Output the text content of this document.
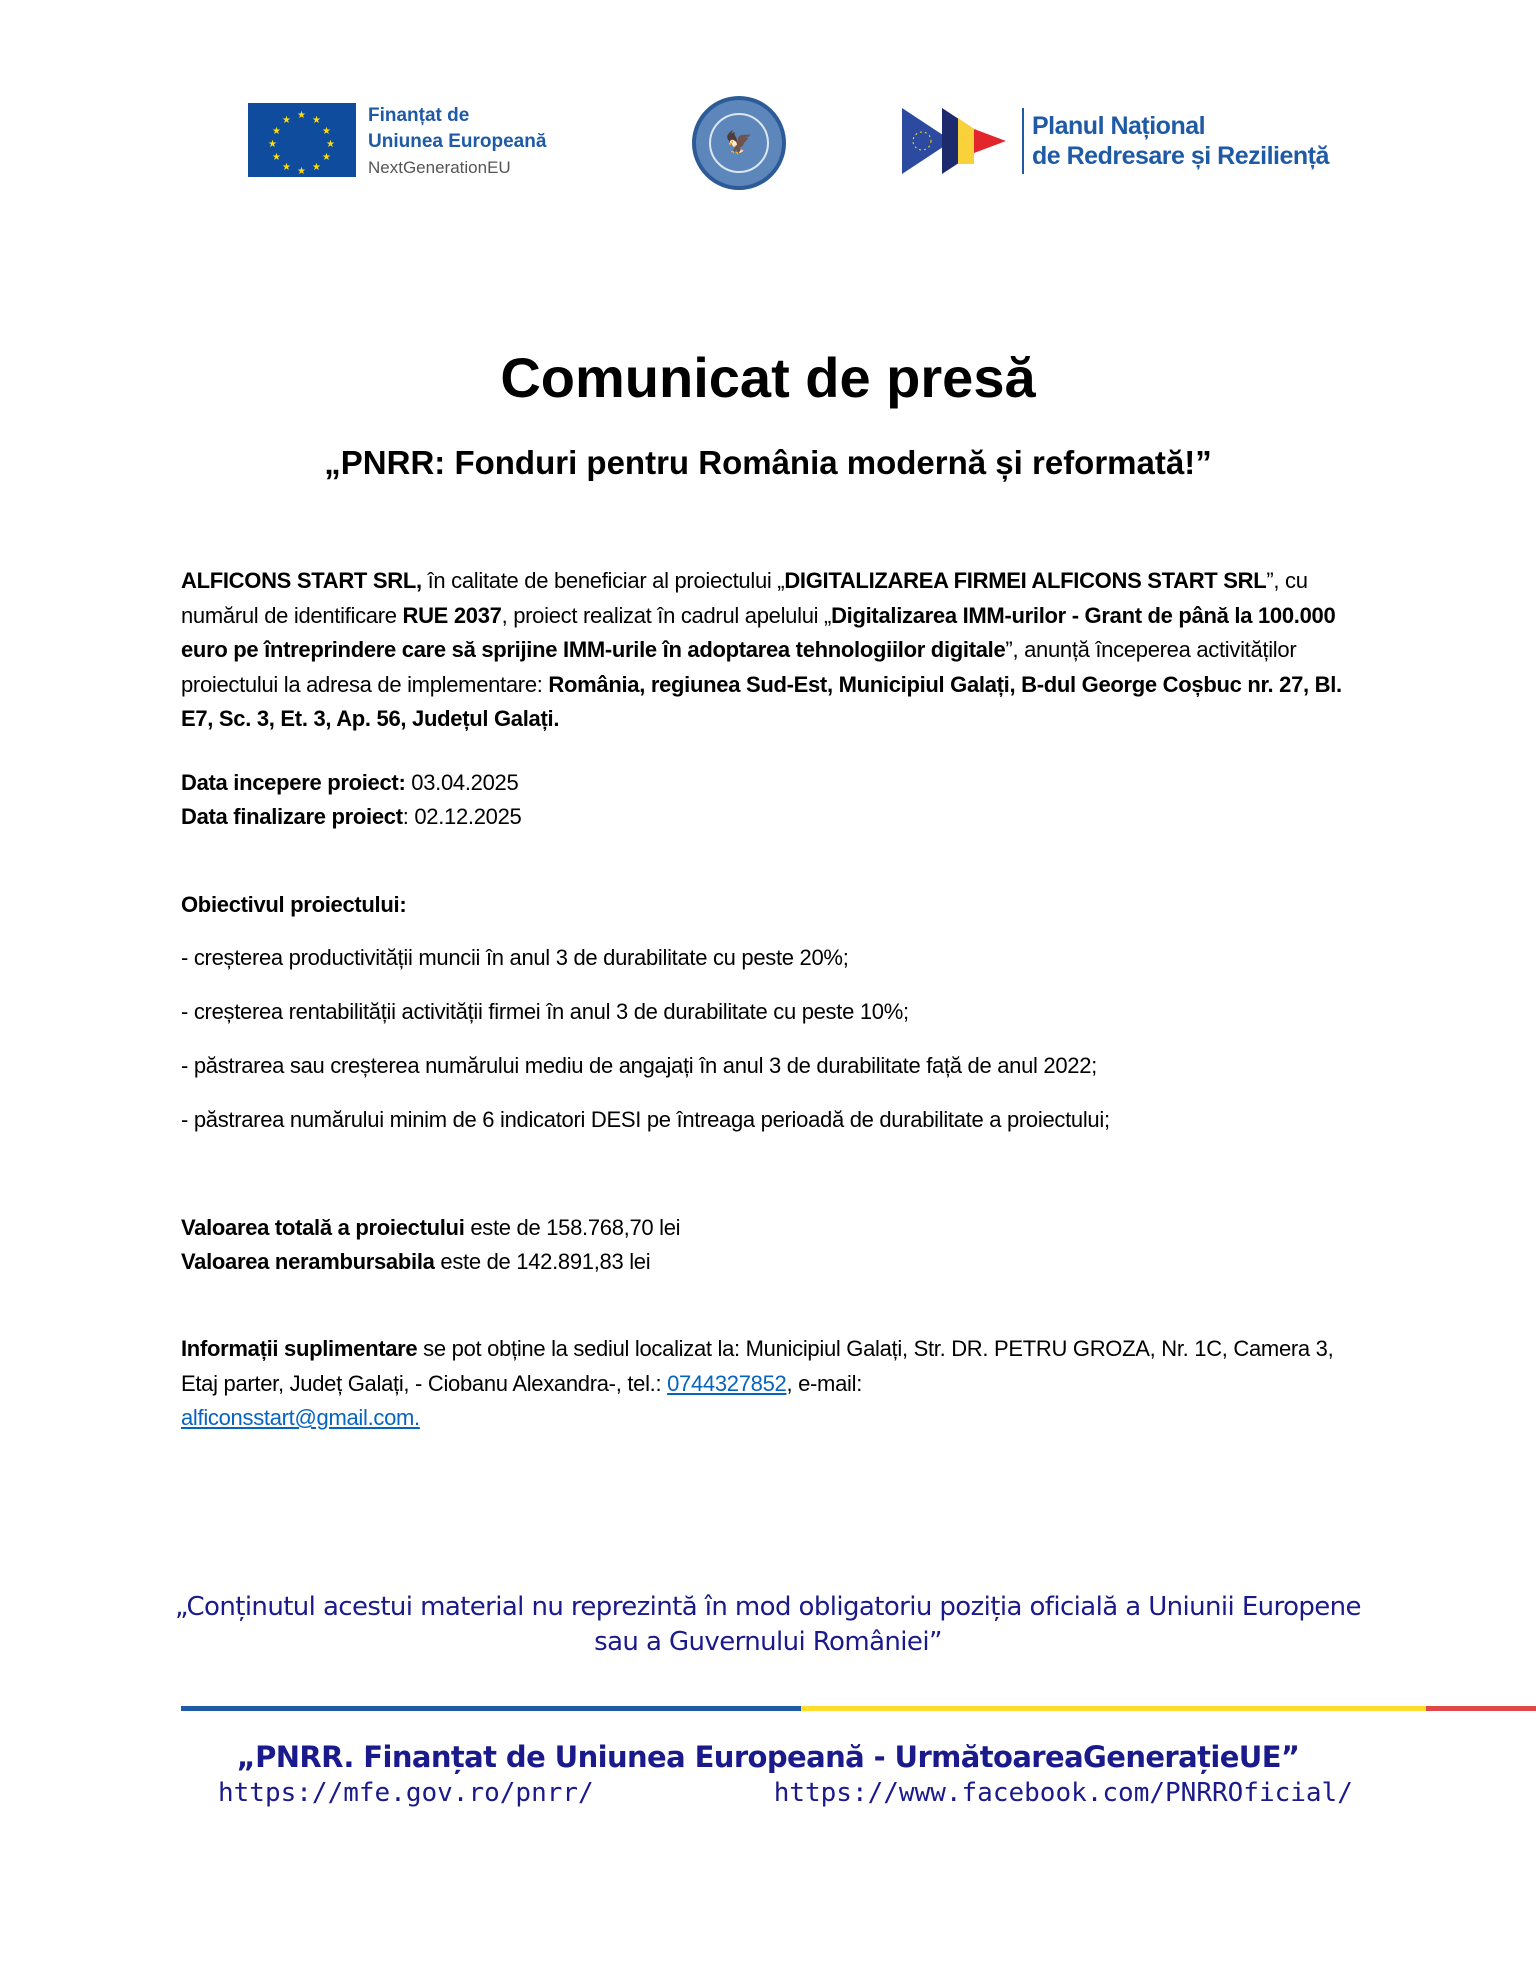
★ ★
★
★
★
★
★
★
★
★
★
★	Finanțat de
Uniunea Europeană
NextGenerationEU
🦅
Planul Național
de Redresare și Reziliență
Comunicat de presă
„PNRR: Fonduri pentru România modernă și reformată!”

ALFICONS START SRL, în calitate de beneficiar al proiectului „DIGITALIZAREA FIRMEI ALFICONS START SRL”, cu numărul de identificare RUE 2037, proiect realizat în cadrul apelului „Digitalizarea IMM-urilor - Grant de până la 100.000 euro pe întreprindere care să sprijine IMM-urile în adoptarea tehnologiilor digitale”, anunță începerea activităților proiectului la adresa de implementare: România, regiunea Sud-Est, Municipiul Galați, B-dul George Coșbuc nr. 27, Bl. E7, Sc. 3, Et. 3, Ap. 56, Județul Galați.

Data incepere proiect: 03.04.2025

Data finalizare proiect: 02.12.2025

Obiectivul proiectului:

- creșterea productivității muncii în anul 3 de durabilitate cu peste 20%;

- creșterea rentabilității activității firmei în anul 3 de durabilitate cu peste 10%;

- păstrarea sau creșterea numărului mediu de angajați în anul 3 de durabilitate față de anul 2022;

- păstrarea numărului minim de 6 indicatori DESI pe întreaga perioadă de durabilitate a proiectului;

Valoarea totală a proiectului este de 158.768,70 lei

Valoarea nerambursabila este de 142.891,83 lei

Informații suplimentare se pot obține la sediul localizat la: Municipiul Galați, Str. DR. PETRU GROZA, Nr. 1C, Camera 3, Etaj parter, Județ Galați, - Ciobanu Alexandra-, tel.: 0744327852, e-mail:
alficonsstart@gmail.com.

„Conținutul acestui material nu reprezintă în mod obligatoriu poziția oficială a Uniunii Europene sau a Guvernului României”
„PNRR. Finanțat de Uniunea Europeană - UrmătoareaGenerațieUE”
https://mfe.gov.ro/pnrr/	https://www.facebook.com/PNRROficial/
